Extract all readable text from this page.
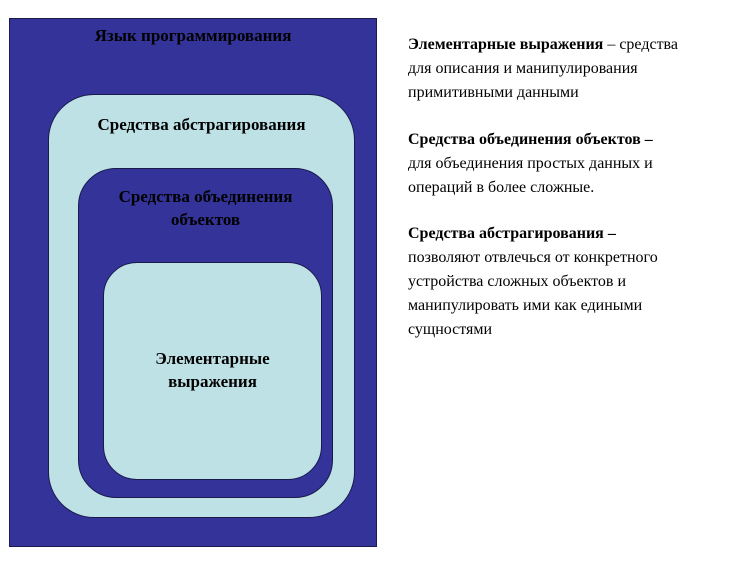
Язык программирования
Средства абстрагирования
Средства объединения
объектов
Элементарные
выражения
Элементарные выражения – средства
для описания и манипулирования
примитивными данными
Средства объединения объектов –
для объединения простых данных и
операций в более сложные.
Средства абстрагирования –
позволяют отвлечься от конкретного
устройства сложных объектов и
манипулировать ими как едиными
сущностями
